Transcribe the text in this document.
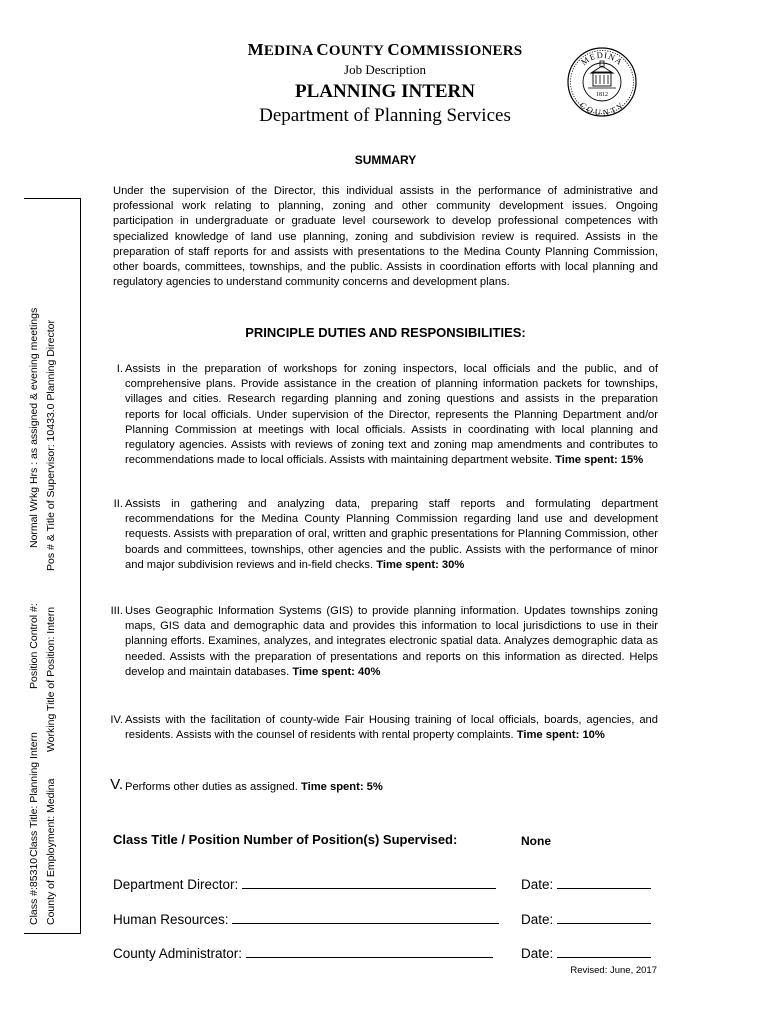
MEDINA COUNTY COMMISSIONERS
Job Description
PLANNING INTERN
Department of Planning Services
MEDINA
COUNTY
1812
Class #:85310
Class Title: Planning Intern
Position Control #:
Normal Wrkg Hrs : as assigned & evening meetings
County of Employment: Medina
Working Title of Position: Intern
Pos # & Title of Supervisor: 10433.0 Planning Director
SUMMARY
Under the supervision of the Director, this individual assists in the performance of administrative and professional work relating to planning, zoning and other community development issues. Ongoing participation in undergraduate or graduate level coursework to develop professional competences with specialized knowledge of land use planning, zoning and subdivision review is required. Assists in the preparation of staff reports for and assists with presentations to the Medina County Planning Commission, other boards, committees, townships, and the public. Assists in coordination efforts with local planning and regulatory agencies to understand community concerns and development plans.
PRINCIPLE DUTIES AND RESPONSIBILITIES:
I. Assists in the preparation of workshops for zoning inspectors, local officials and the public, and of comprehensive plans. Provide assistance in the creation of planning information packets for townships, villages and cities. Research regarding planning and zoning questions and assists in the preparation reports for local officials. Under supervision of the Director, represents the Planning Department and/or Planning Commission at meetings with local officials. Assists in coordinating with local planning and regulatory agencies. Assists with reviews of zoning text and zoning map amendments and contributes to recommendations made to local officials. Assists with maintaining department website. Time spent: 15%
II. Assists in gathering and analyzing data, preparing staff reports and formulating department recommendations for the Medina County Planning Commission regarding land use and development requests. Assists with preparation of oral, written and graphic presentations for Planning Commission, other boards and committees, townships, other agencies and the public. Assists with the performance of minor and major subdivision reviews and in-field checks. Time spent: 30%
III. Uses Geographic Information Systems (GIS) to provide planning information. Updates townships zoning maps, GIS data and demographic data and provides this information to local jurisdictions to use in their planning efforts. Examines, analyzes, and integrates electronic spatial data. Analyzes demographic data as needed. Assists with the preparation of presentations and reports on this information as directed. Helps develop and maintain databases. Time spent: 40%
IV. Assists with the facilitation of county-wide Fair Housing training of local officials, boards, agencies, and residents. Assists with the counsel of residents with rental property complaints. Time spent: 10%
V. Performs other duties as assigned. Time spent: 5%
Class Title / Position Number of Position(s) Supervised:	None
Department Director:	Date:
Human Resources:	Date:
County Administrator:	Date:
Revised: June, 2017
